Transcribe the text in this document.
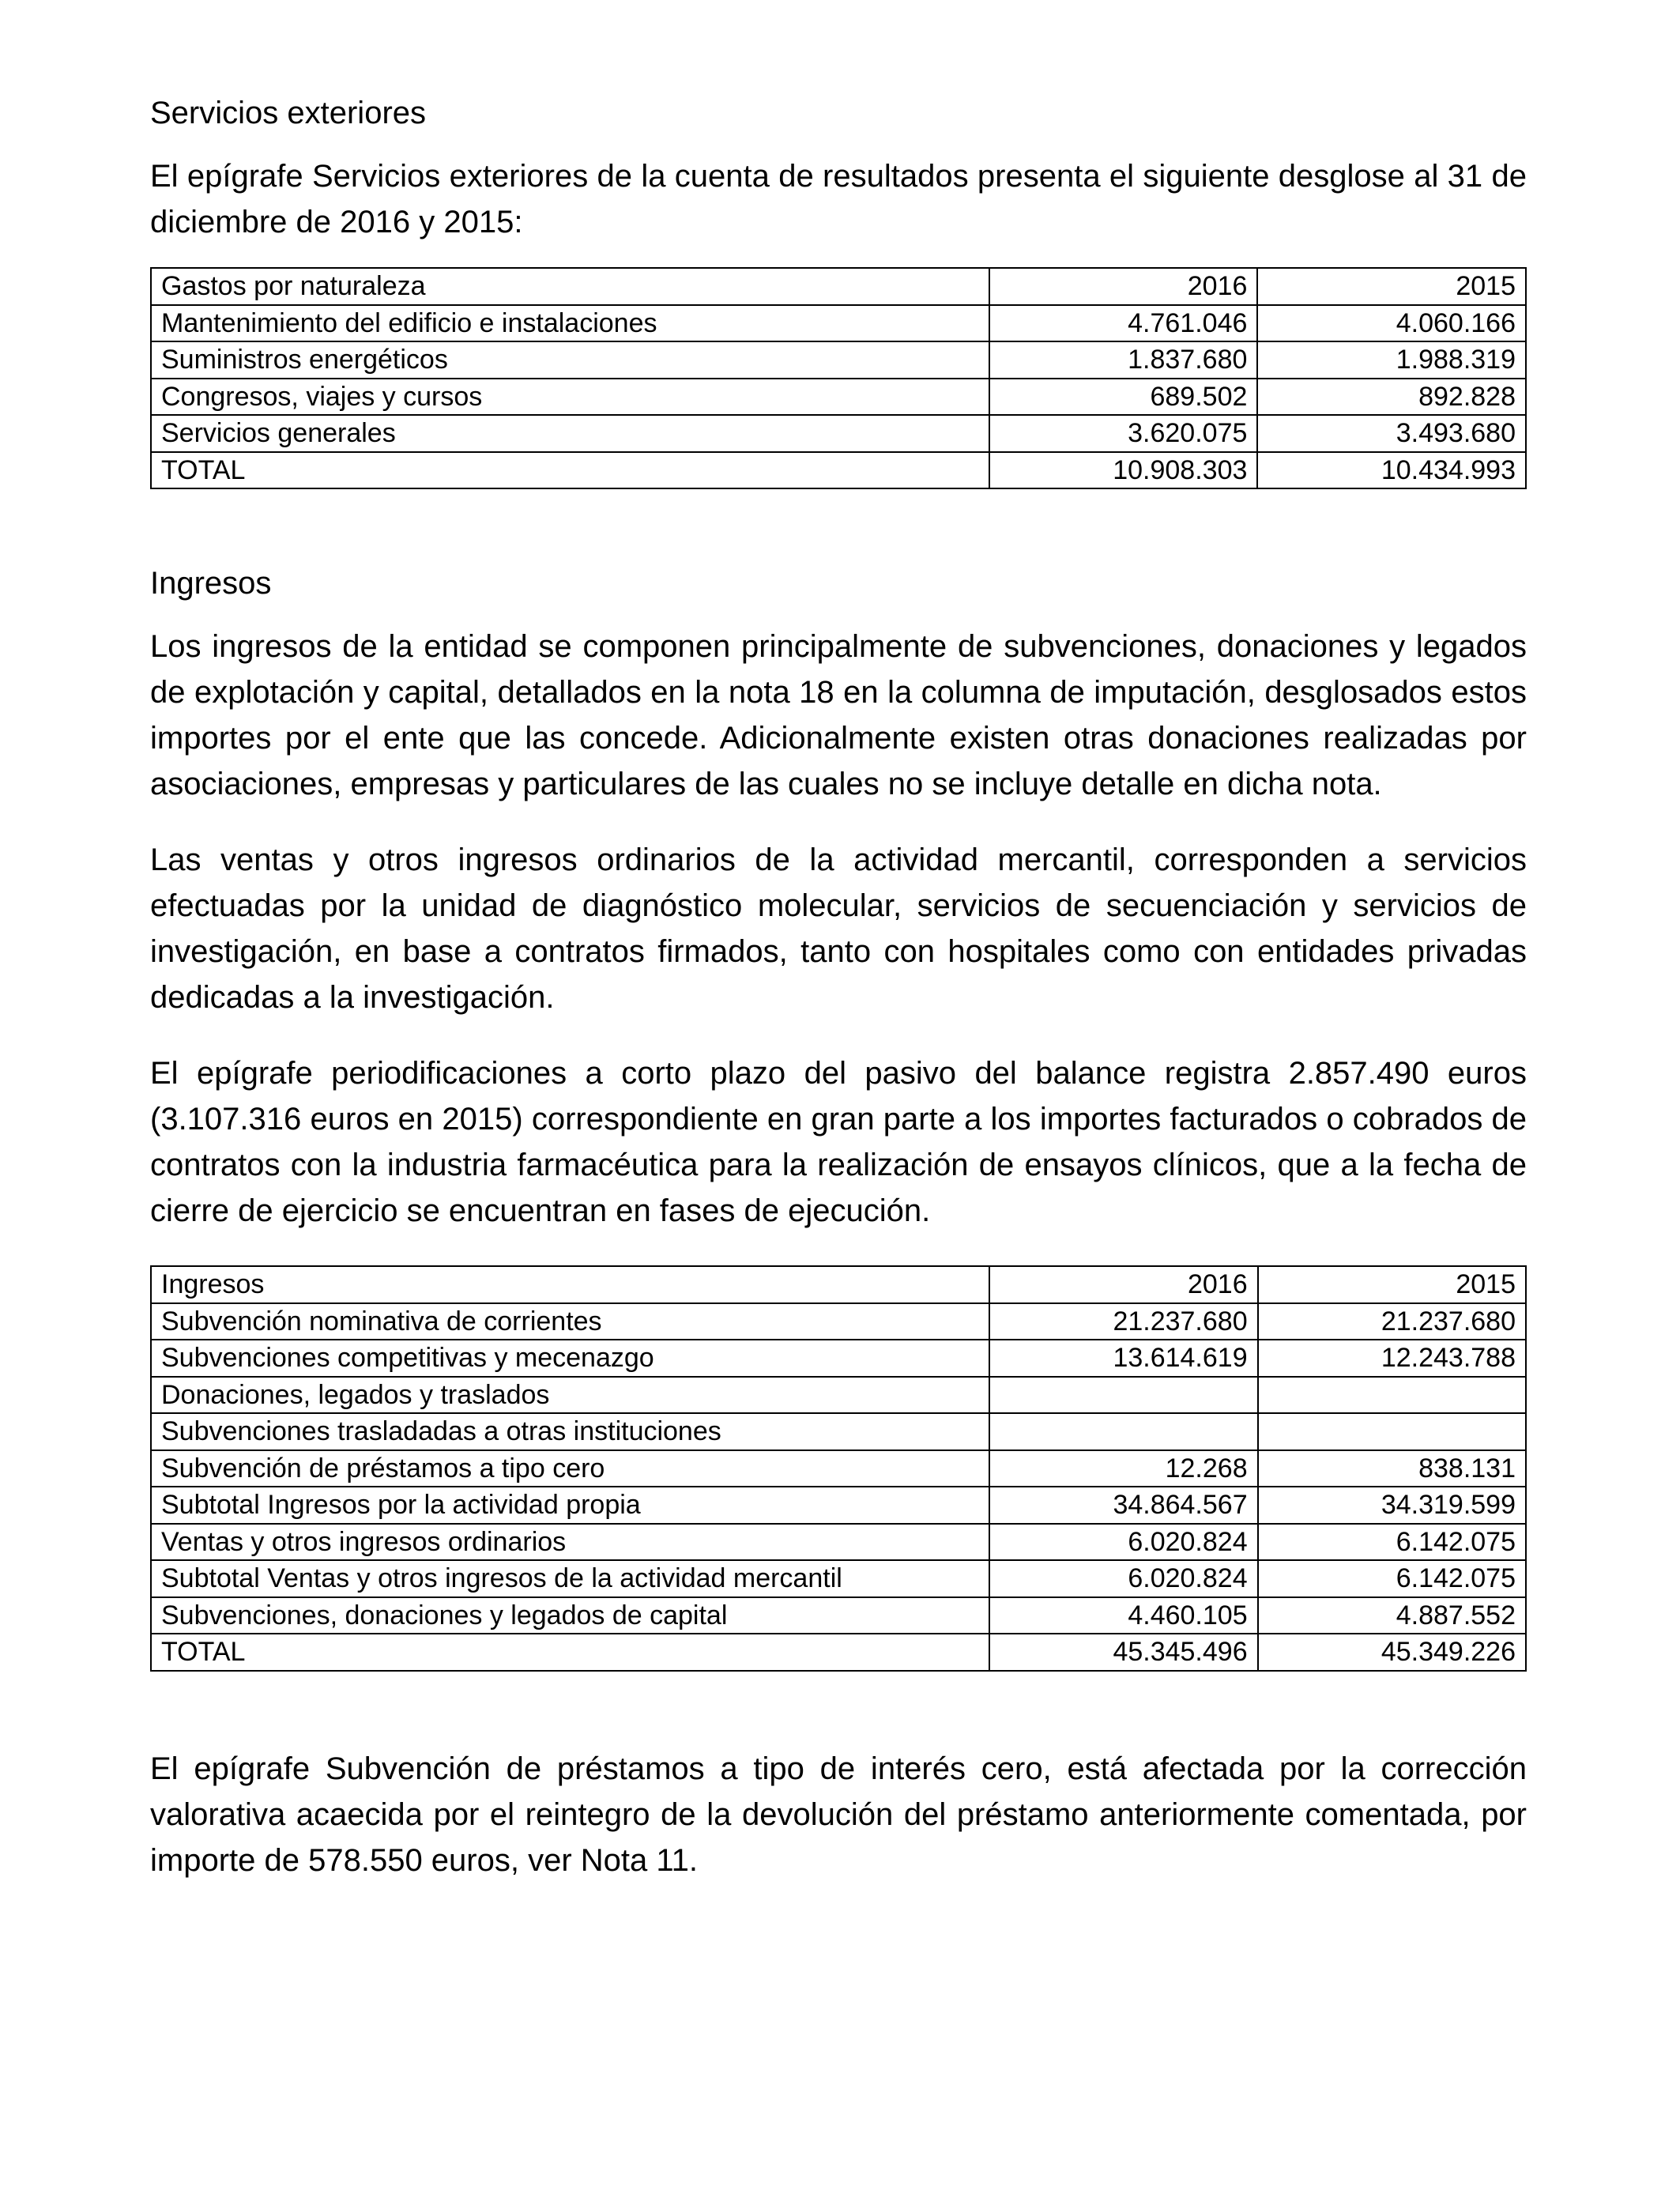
Servicios exteriores

El epígrafe Servicios exteriores de la cuenta de resultados presenta el siguiente desglose al 31 de diciembre de 2016 y 2015:

Gastos por naturaleza	2016	2015
Mantenimiento del edificio e instalaciones	4.761.046	4.060.166
Suministros energéticos	1.837.680	1.988.319
Congresos, viajes y cursos	689.502	892.828
Servicios generales	3.620.075	3.493.680
TOTAL	10.908.303	10.434.993

Ingresos

Los ingresos de la entidad se componen principalmente de subvenciones, donaciones y legados de explotación y capital, detallados en la nota 18 en la columna de imputación, desglosados estos importes por el ente que las concede. Adicionalmente existen otras donaciones realizadas por asociaciones, empresas y particulares de las cuales no se incluye detalle en dicha nota.

Las ventas y otros ingresos ordinarios de la actividad mercantil, corresponden a servicios efectuadas por la unidad de diagnóstico molecular, servicios de secuenciación y servicios de investigación, en base a contratos firmados, tanto con hospitales como con entidades privadas dedicadas a la investigación.

El epígrafe periodificaciones a corto plazo del pasivo del balance registra 2.857.490 euros (3.107.316 euros en 2015) correspondiente en gran parte a los importes facturados o cobrados de contratos con la industria farmacéutica para la realización de ensayos clínicos, que a la fecha de cierre de ejercicio se encuentran en fases de ejecución.

Ingresos	2016	2015
Subvención nominativa de corrientes	21.237.680	21.237.680
Subvenciones competitivas y mecenazgo	13.614.619	12.243.788
Donaciones, legados y traslados		
Subvenciones trasladadas a otras instituciones		
Subvención de préstamos a tipo cero	12.268	838.131
Subtotal Ingresos por la actividad propia	34.864.567	34.319.599
Ventas y otros ingresos ordinarios	6.020.824	6.142.075
Subtotal Ventas y otros ingresos de la actividad mercantil	6.020.824	6.142.075
Subvenciones, donaciones y legados de capital	4.460.105	4.887.552
TOTAL	45.345.496	45.349.226

El epígrafe Subvención de préstamos a tipo de interés cero, está afectada por la corrección valorativa acaecida por el reintegro de la devolución del préstamo anteriormente comentada, por importe de 578.550 euros, ver Nota 11.
